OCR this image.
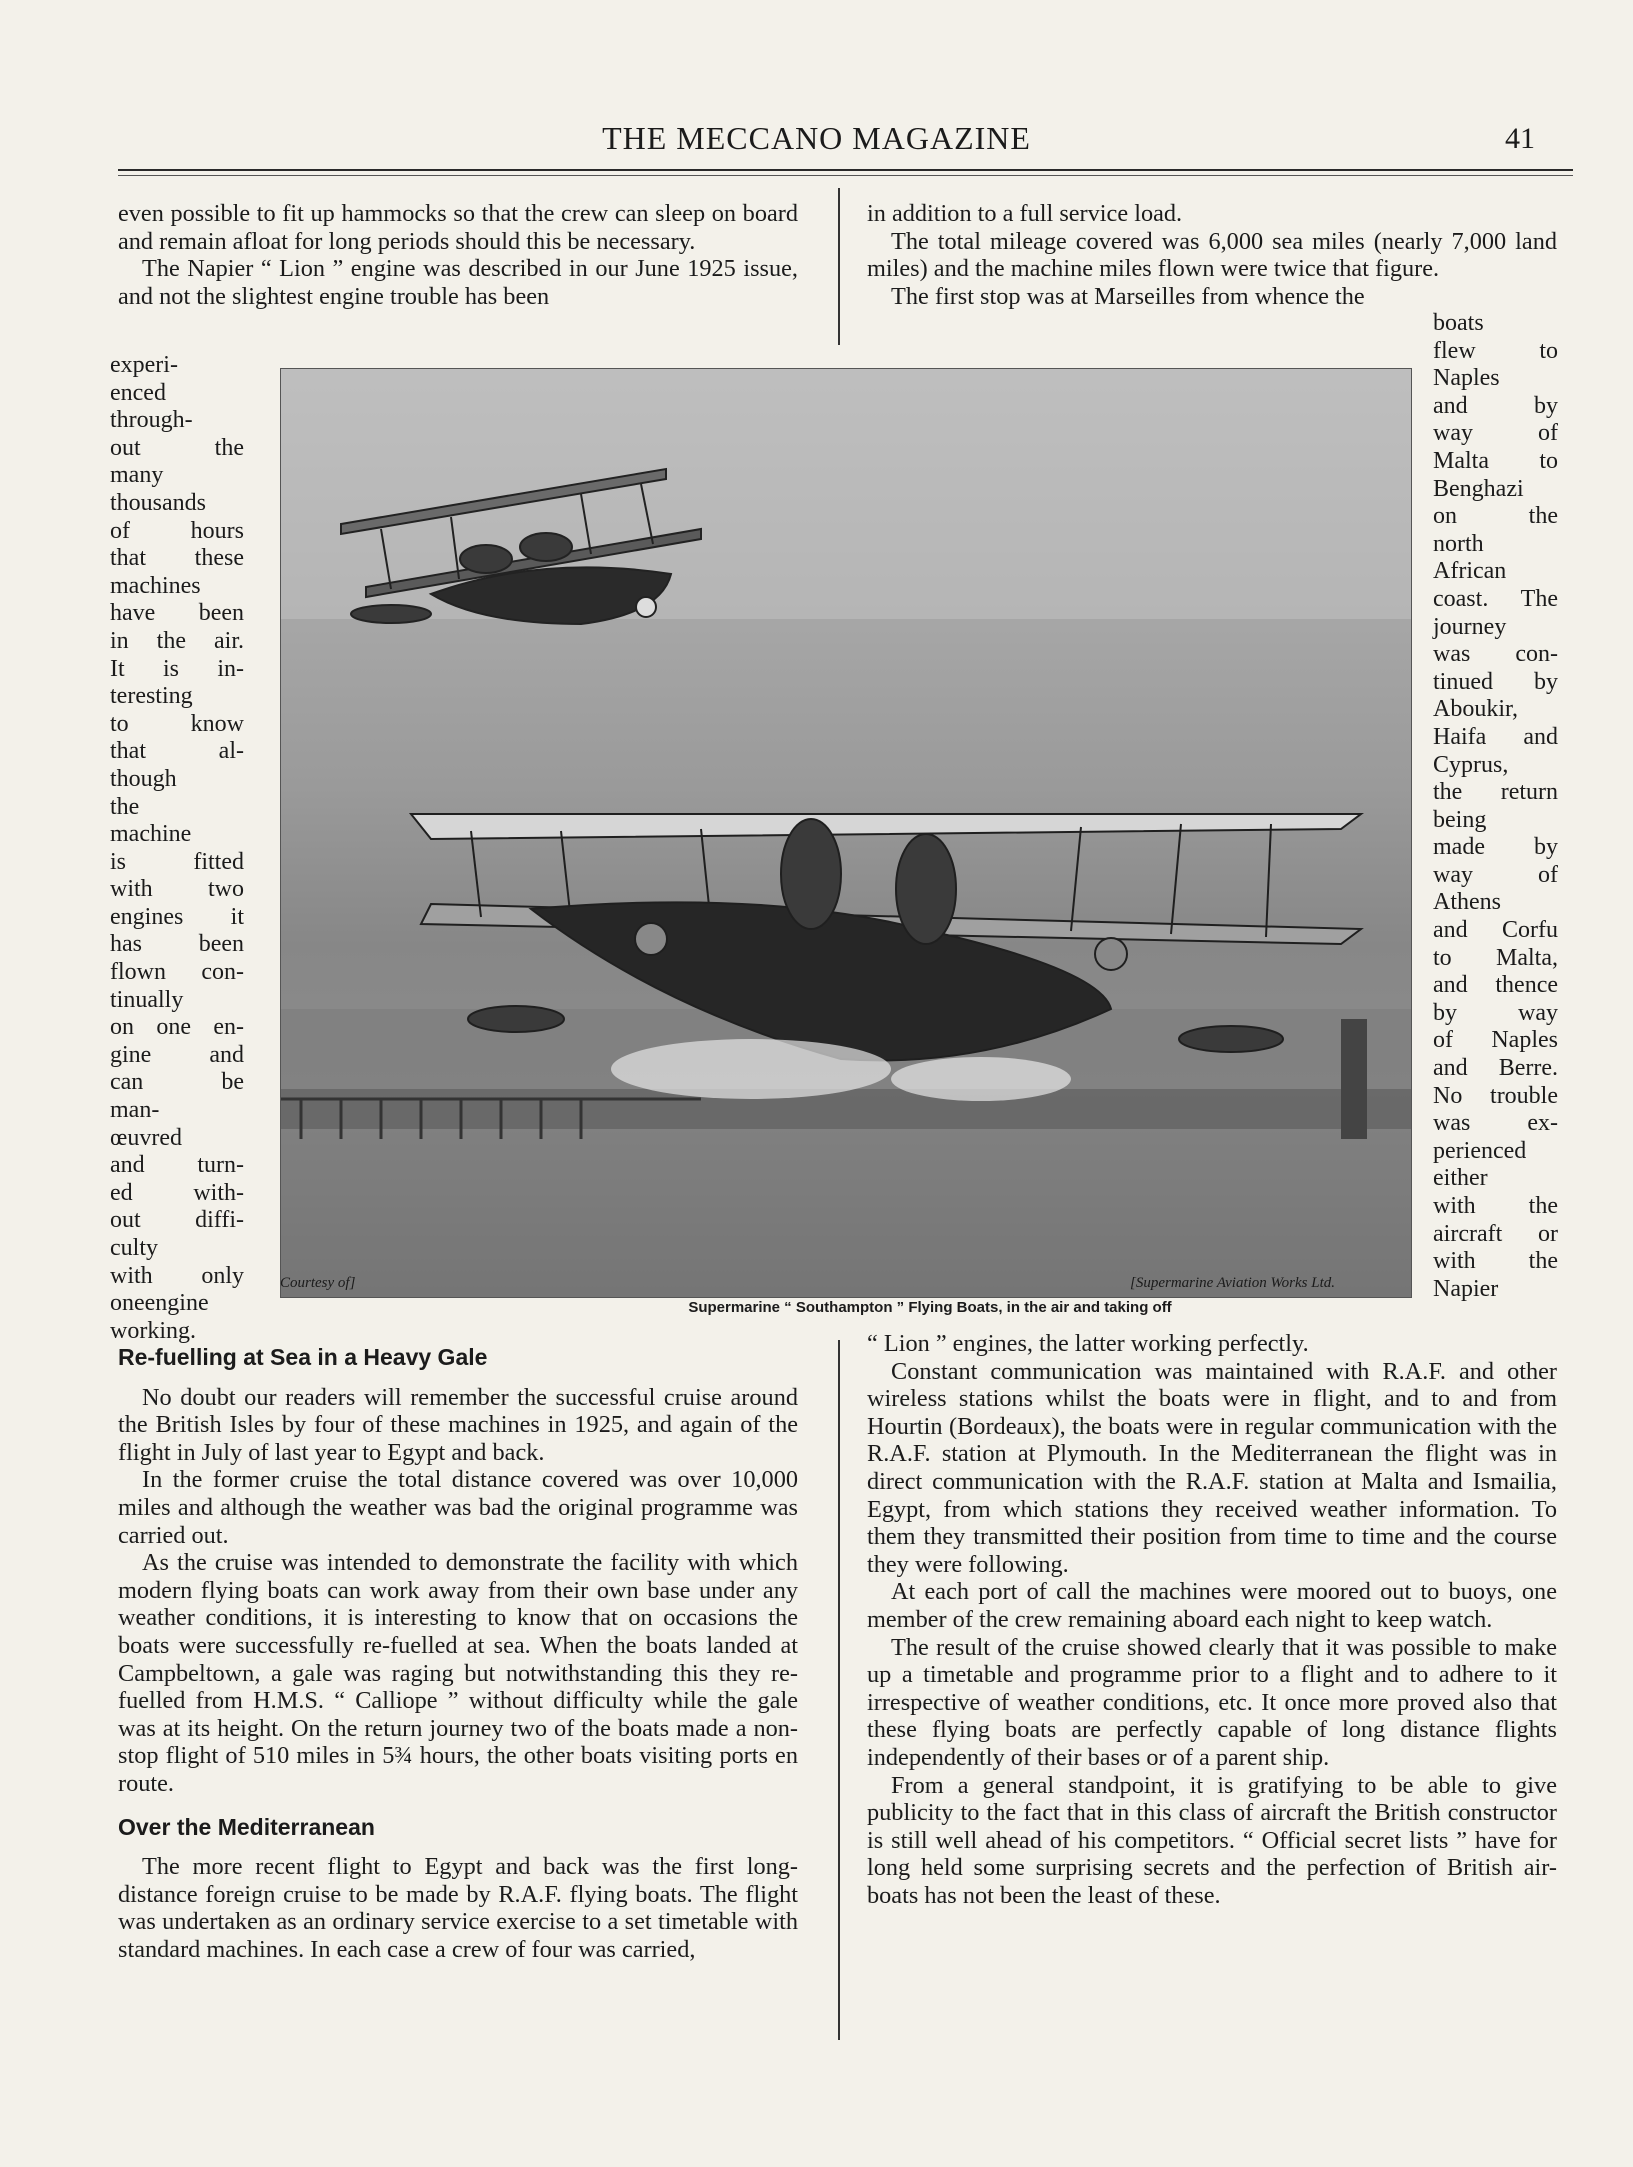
THE MECCANO MAGAZINE	41

even possible to fit up hammocks so that the crew can sleep on board and remain afloat for long periods should this be necessary.

The Napier “ Lion ” engine was described in our June 1925 issue, and not the slightest engine trouble has been

experi-
enced
through-
out the
many
thousands
of hours
that these
machines
have been
in the air.
It is in-
teresting
to know
that al-
though
the
machine
is fitted
with two
engines it
has been
flown con-
tinually
on one en-
gine and
can be
man-
œuvred
and turn-
ed with-
out diffi-
culty
with only
oneengine
working.

in addition to a full service load.

The total mileage covered was 6,000 sea miles (nearly 7,000 land miles) and the machine miles flown were twice that figure.

The first stop was at Marseilles from whence the

boats
flew to
Naples
and by
way of
Malta to
Benghazi
on the
north
African
coast. The
journey
was con-
tinued by
Aboukir,
Haifa and
Cyprus,
the return
being
made by
way of
Athens
and Corfu
to Malta,
and thence
by way
of Naples
and Berre.
No trouble
was ex-
perienced
either
with the
aircraft or
with the
Napier
Courtesy of]	[Supermarine Aviation Works Ltd.
Supermarine “ Southampton ” Flying Boats, in the air and taking off
Re-fuelling at Sea in a Heavy Gale

No doubt our readers will remember the successful cruise around the British Isles by four of these machines in 1925, and again of the flight in July of last year to Egypt and back.

In the former cruise the total distance covered was over 10,000 miles and although the weather was bad the original programme was carried out.

As the cruise was intended to demonstrate the facility with which modern flying boats can work away from their own base under any weather conditions, it is interesting to know that on occasions the boats were successfully re-fuelled at sea. When the boats landed at Campbeltown, a gale was raging but notwithstanding this they re-fuelled from H.M.S. “ Calliope ” without difficulty while the gale was at its height. On the return journey two of the boats made a non-stop flight of 510 miles in 5¾ hours, the other boats visiting ports en route.

Over the Mediterranean

The more recent flight to Egypt and back was the first long-distance foreign cruise to be made by R.A.F. flying boats. The flight was undertaken as an ordinary service exercise to a set timetable with standard machines. In each case a crew of four was carried,

“ Lion ” engines, the latter working perfectly.

Constant communication was maintained with R.A.F. and other wireless stations whilst the boats were in flight, and to and from Hourtin (Bordeaux), the boats were in regular communication with the R.A.F. station at Plymouth. In the Mediterranean the flight was in direct communication with the R.A.F. station at Malta and Ismailia, Egypt, from which stations they received weather information. To them they transmitted their position from time to time and the course they were following.

At each port of call the machines were moored out to buoys, one member of the crew remaining aboard each night to keep watch.

The result of the cruise showed clearly that it was possible to make up a timetable and programme prior to a flight and to adhere to it irrespective of weather conditions, etc. It once more proved also that these flying boats are perfectly capable of long distance flights independently of their bases or of a parent ship.

From a general standpoint, it is gratifying to be able to give publicity to the fact that in this class of aircraft the British constructor is still well ahead of his competitors. “ Official secret lists ” have for long held some surprising secrets and the perfection of British air-boats has not been the least of these.
